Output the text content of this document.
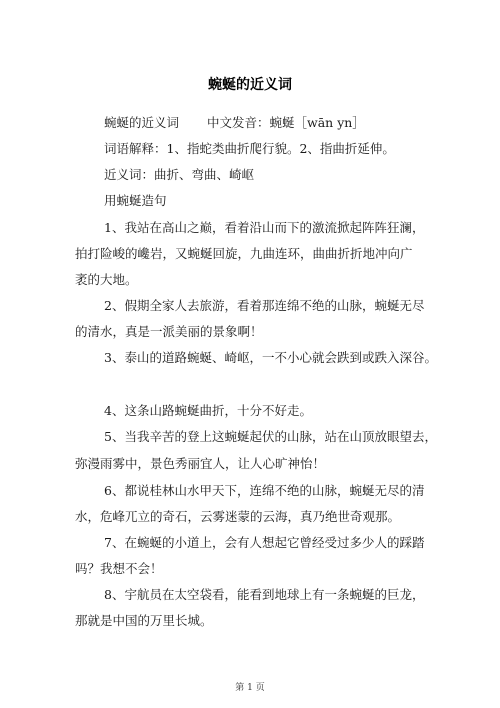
蜿蜒的近义词
蜿蜒的近义词 中文发音：蜿蜒［wān yn］
词语解释：1、指蛇类曲折爬行貌。2、指曲折延伸。
近义词：曲折、弯曲、崎岖
用蜿蜒造句
1、我站在高山之巅，看着沿山而下的激流掀起阵阵狂澜，
拍打险峻的巉岩，又蜿蜒回旋，九曲连环，曲曲折折地冲向广
袤的大地。
2、假期全家人去旅游，看着那连绵不绝的山脉，蜿蜒无尽
的清水，真是一派美丽的景象啊！
3、泰山的道路蜿蜒、崎岖，一不小心就会跌到或跌入深谷。
4、这条山路蜿蜒曲折，十分不好走。
5、当我辛苦的登上这蜿蜒起伏的山脉，站在山顶放眼望去，
弥漫雨雾中，景色秀丽宜人，让人心旷神怡！
6、都说桂林山水甲天下，连绵不绝的山脉，蜿蜒无尽的清
水，危峰兀立的奇石，云雾迷蒙的云海，真乃绝世奇观那。
7、在蜿蜒的小道上，会有人想起它曾经受过多少人的踩踏
吗？我想不会！
8、宇航员在太空袋看，能看到地球上有一条蜿蜒的巨龙，
那就是中国的万里长城。
第 1 页
